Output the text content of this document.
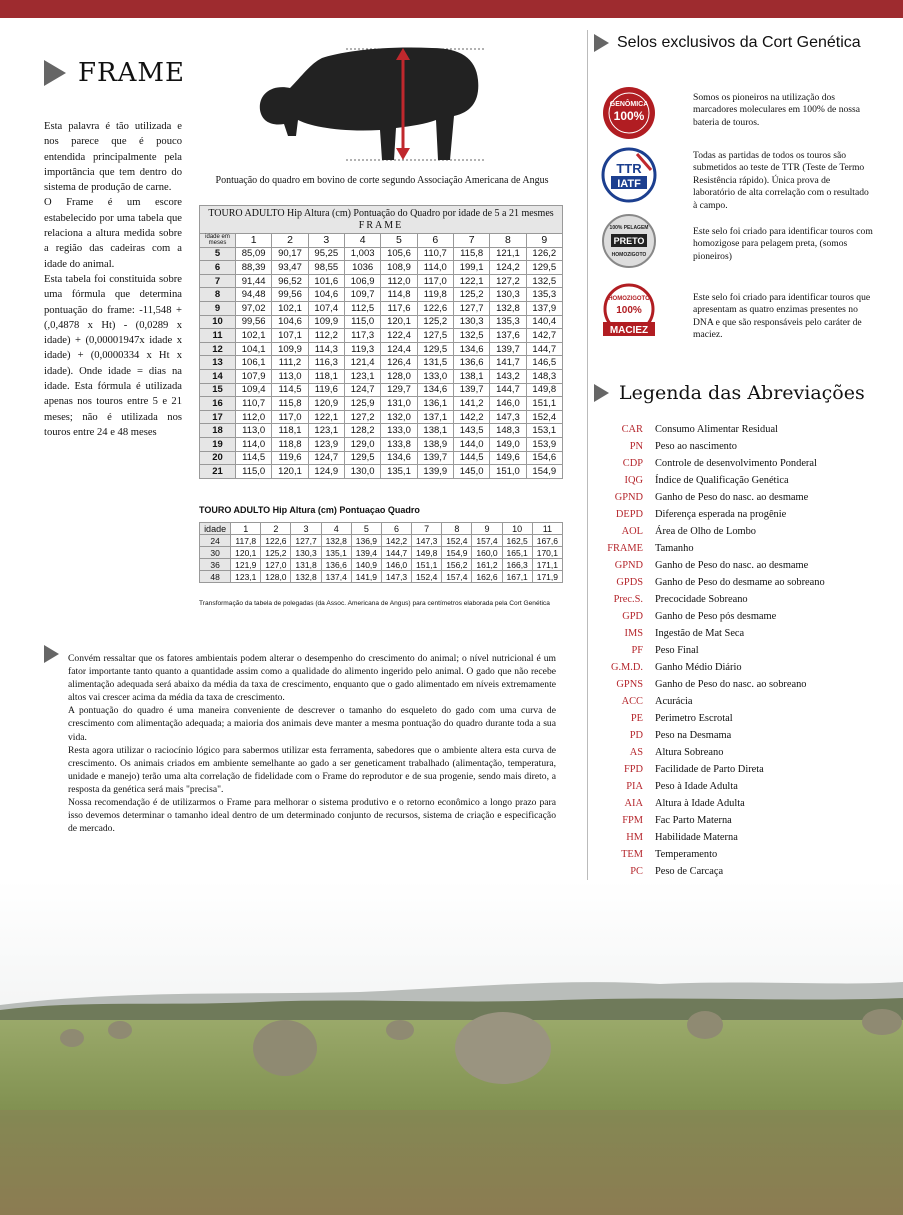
FRAME

Esta palavra é tão utilizada e nos parece que é pouco entendida principalmente pela importância que tem dentro do sistema de produção de carne.

O Frame é um escore estabelecido por uma tabela que relaciona a altura medida sobre a região das cadeiras com a idade do animal.

Esta tabela foi constituida sobre uma fórmula que determina pontuação do frame: -11,548 + (,0,4878 x Ht) - (0,0289 x idade) + (0,00001947x idade x idade) + (0,0000334 x Ht x idade). Onde idade = dias na idade. Esta fórmula é utilizada apenas nos touros entre 5 e 21 meses; não é utilizada nos touros entre 24 e 48 meses

Pontuação do quadro em bovino de corte segundo Associação Americana de Angus
TOURO ADULTO Hip Altura (cm) Pontuação do Quadro por idade de 5 a 21 mesmes
FRAME
idade em meses	1	2	3	4	5	6	7	8	9
5	85,09	90,17	95,25	1,003	105,6	110,7	115,8	121,1	126,2
6	88,39	93,47	98,55	1036	108,9	114,0	199,1	124,2	129,5
7	91,44	96,52	101,6	106,9	112,0	117,0	122,1	127,2	132,5
8	94,48	99,56	104,6	109,7	114,8	119,8	125,2	130,3	135,3
9	97,02	102,1	107,4	112,5	117,6	122,6	127,7	132,8	137,9
10	99,56	104,6	109,9	115,0	120,1	125,2	130,3	135,3	140,4
11	102,1	107,1	112,2	117,3	122,4	127,5	132,5	137,6	142,7
12	104,1	109,9	114,3	119,3	124,4	129,5	134,6	139,7	144,7
13	106,1	111,2	116,3	121,4	126,4	131,5	136,6	141,7	146,5
14	107,9	113,0	118,1	123,1	128,0	133,0	138,1	143,2	148,3
15	109,4	114,5	119,6	124,7	129,7	134,6	139,7	144,7	149,8
16	110,7	115,8	120,9	125,9	131,0	136,1	141,2	146,0	151,1
17	112,0	117,0	122,1	127,2	132,0	137,1	142,2	147,3	152,4
18	113,0	118,1	123,1	128,2	133,0	138,1	143,5	148,3	153,1
19	114,0	118,8	123,9	129,0	133,8	138,9	144,0	149,0	153,9
20	114,5	119,6	124,7	129,5	134,6	139,7	144,5	149,6	154,6
21	115,0	120,1	124,9	130,0	135,1	139,9	145,0	151,0	154,9
TOURO ADULTO Hip Altura (cm) Pontuaçao Quadro
idade	1	2	3	4	5	6	7	8	9	10	11
24	117,8	122,6	127,7	132,8	136,9	142,2	147,3	152,4	157,4	162,5	167,6
30	120,1	125,2	130,3	135,1	139,4	144,7	149,8	154,9	160,0	165,1	170,1
36	121,9	127,0	131,8	136,6	140,9	146,0	151,1	156,2	161,2	166,3	171,1
48	123,1	128,0	132,8	137,4	141,9	147,3	152,4	157,4	162,6	167,1	171,9
Transformação da tabela de polegadas (da Assoc. Americana de Angus) para centímetros elaborada pela Cort Genética

Convém ressaltar que os fatores ambientais podem alterar o desempenho do crescimento do animal; o nível nutricional é um fator importante tanto quanto a quantidade assim como a qualidade do alimento ingerido pelo animal. O gado que não recebe alimentação adequada será abaixo da média da taxa de crescimento, enquanto que o gado alimentado em níveis extremamente altos vai crescer acima da média da taxa de crescimento.

A pontuação do quadro é uma maneira conveniente de descrever o tamanho do esqueleto do gado com uma curva de crescimento com alimentação adequada; a maioria dos animais deve manter a mesma pontuação do quadro durante toda a sua vida.

Resta agora utilizar o raciocínio lógico para sabermos utilizar esta ferramenta, sabedores que o ambiente altera esta curva de crescimento. Os animais criados em ambiente semelhante ao gado a ser geneticament trabalhado (alimentação, temperatura, unidade e manejo) terão uma alta correlação de fidelidade com o Frame do reprodutor e de sua progenie, sendo mais direto, a resposta da genética será mais "precisa".

Nossa recomendação é de utilizarmos o Frame para melhorar o sistema produtivo e o retorno econômico a longo prazo para isso devemos determinar o tamanho ideal dentro de um determinado conjunto de recursos, sistema de criação e especificação de mercado.

Selos exclusivos da Cort Genética
GENÔMICA
100%
Somos os pioneiros na utilização dos marcadores moleculares em 100% de nossa bateria de touros.
TTR
IATF
Todas as partidas de todos os touros são submetidos ao teste de TTR (Teste de Termo Resistência rápido). Única prova de laboratório de alta correlação com o resultado à campo.
100% PELAGEM
PRETO
HOMOZIGOTO
Este selo foi criado para identificar touros com homozigose para pelagem preta, (somos pioneiros)
HOMOZIGOTO
100%
MACIEZ
Este selo foi criado para identificar touros que apresentam as quatro enzimas presentes no DNA e que são responsáveis pelo caráter de maciez.
Legenda das Abreviações
CAR	Consumo Alimentar Residual
PN	Peso ao nascimento
CDP	Controle de desenvolvimento Ponderal
IQG	Índice de Qualificação Genética
GPND	Ganho de Peso do nasc. ao desmame
DEPD	Diferença esperada na progênie
AOL	Área de Olho de Lombo
FRAME	Tamanho
GPND	Ganho de Peso do nasc. ao desmame
GPDS	Ganho de Peso do desmame ao sobreano
Prec.S.	Precocidade Sobreano
GPD	Ganho de Peso pós desmame
IMS	Ingestão de Mat Seca
PF	Peso Final
G.M.D.	Ganho Médio Diário
GPNS	Ganho de Peso do nasc. ao sobreano
ACC	Acurácia
PE	Perimetro Escrotal
PD	Peso na Desmama
AS	Altura Sobreano
FPD	Facilidade de Parto Direta
PIA	Peso à Idade Adulta
AIA	Altura à Idade Adulta
FPM	Fac Parto Materna
HM	Habilidade Materna
TEM	Temperamento
PC	Peso de Carcaça
